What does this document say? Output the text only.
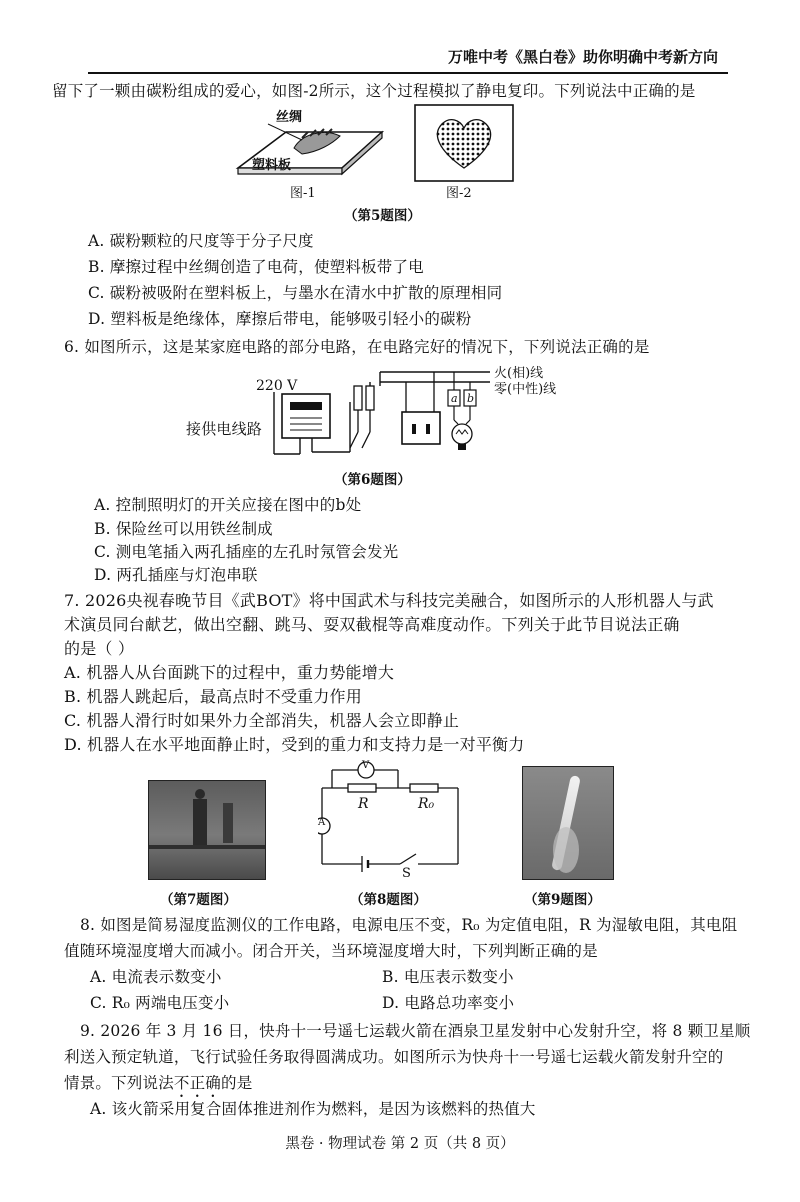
万唯中考《黑白卷》助你明确中考新方向
留下了一颗由碳粉组成的爱心，如图-2所示，这个过程模拟了静电复印。下列说法中正确的是
丝绸
塑料板
图-1	图-2
（第5题图）
A. 碳粉颗粒的尺度等于分子尺度
B. 摩擦过程中丝绸创造了电荷，使塑料板带了电
C. 碳粉被吸附在塑料板上，与墨水在清水中扩散的原理相同
D. 塑料板是绝缘体，摩擦后带电，能够吸引轻小的碳粉
6. 如图所示，这是某家庭电路的部分电路，在电路完好的情况下，下列说法正确的是
220 V
接供电线路
火(相)线
零(中性)线
a b
（第6题图）
A. 控制照明灯的开关应接在图中的b处
B. 保险丝可以用铁丝制成
C. 测电笔插入两孔插座的左孔时氖管会发光
D. 两孔插座与灯泡串联
7. 2026央视春晚节目《武BOT》将中国武术与科技完美融合，如图所示的人形机器人与武
术演员同台献艺，做出空翻、跳马、耍双截棍等高难度动作。下列关于此节目说法正确
的是（ ）
A. 机器人从台面跳下的过程中，重力势能增大
B. 机器人跳起后，最高点时不受重力作用
C. 机器人滑行时如果外力全部消失，机器人会立即静止
D. 机器人在水平地面静止时，受到的重力和支持力是一对平衡力
（第7题图）
V
A
R	R₀
S
（第8题图）	（第9题图）
8. 如图是简易湿度监测仪的工作电路，电源电压不变，R₀ 为定值电阻，R 为湿敏电阻，其电阻
值随环境湿度增大而减小。闭合开关，当环境湿度增大时，下列判断正确的是
A. 电流表示数变小	B. 电压表示数变小
C. R₀ 两端电压变小	D. 电路总功率变小
9. 2026 年 3 月 16 日，快舟十一号遥七运载火箭在酒泉卫星发射中心发射升空，将 8 颗卫星顺
利送入预定轨道，飞行试验任务取得圆满成功。如图所示为快舟十一号遥七运载火箭发射升空的
情景。下列说法不正确的是
A. 该火箭采用复合固体推进剂作为燃料，是因为该燃料的热值大
黑卷 · 物理试卷 第 2 页（共 8 页）
